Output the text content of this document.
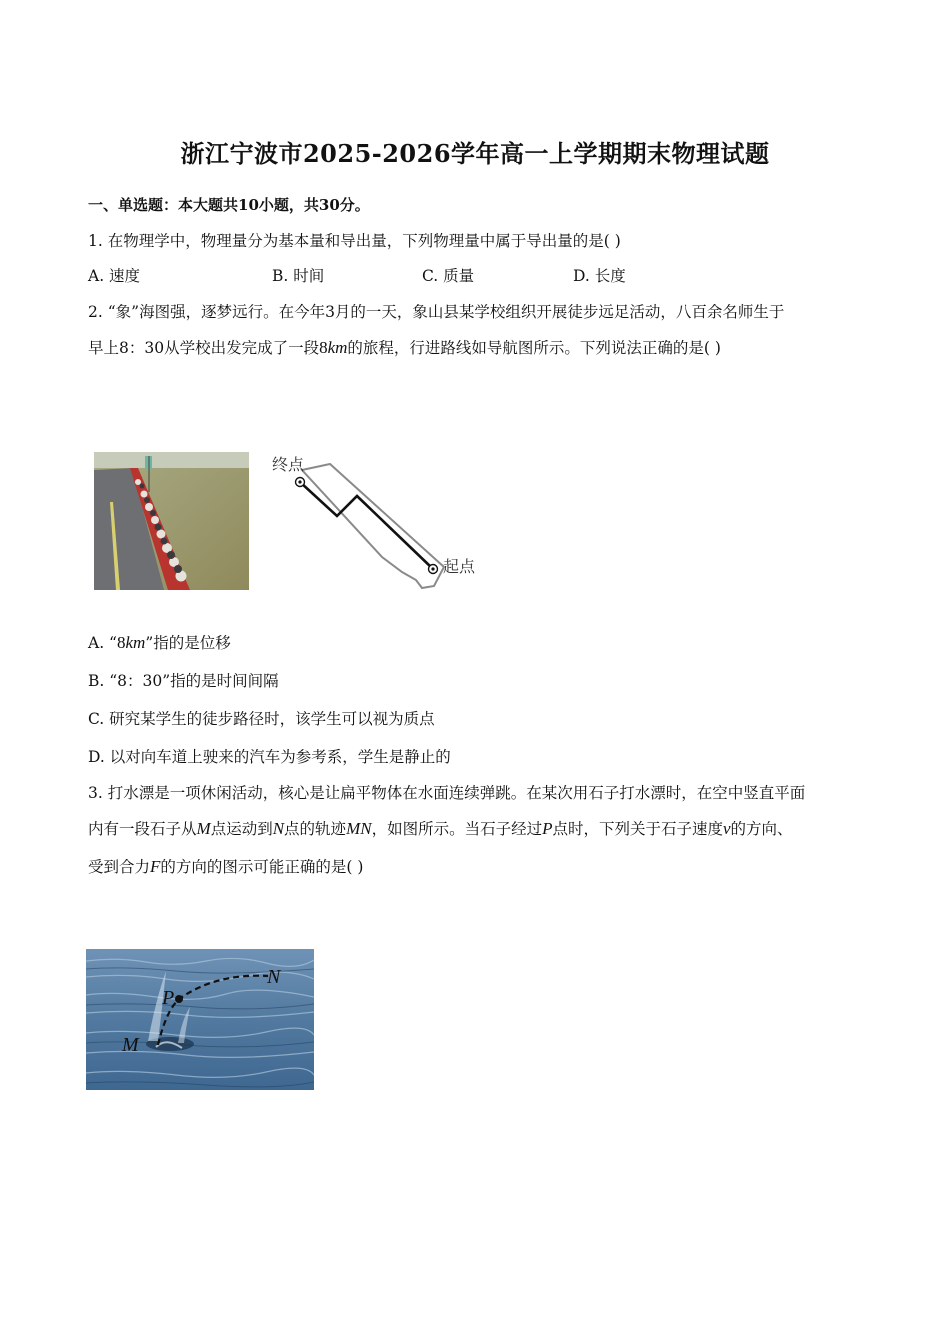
浙江宁波市2025-2026学年高一上学期期末物理试题
一、单选题：本大题共10小题，共30分。
1. 在物理学中，物理量分为基本量和导出量，下列物理量中属于导出量的是( )
A. 速度	B. 时间	C. 质量	D. 长度
2. “象”海图强，逐梦远行。在今年3月的一天，象山县某学校组织开展徒步远足活动，八百余名师生于
早上8：30从学校出发完成了一段8km的旅程，行进路线如导航图所示。下列说法正确的是( )
终点
起点
A. “8km”指的是位移
B. “8：30”指的是时间间隔
C. 研究某学生的徒步路径时，该学生可以视为质点
D. 以对向车道上驶来的汽车为参考系，学生是静止的
3. 打水漂是一项休闲活动，核心是让扁平物体在水面连续弹跳。在某次用石子打水漂时，在空中竖直平面
内有一段石子从M点运动到N点的轨迹MN，如图所示。当石子经过P点时，下列关于石子速度v的方向、
受到合力F的方向的图示可能正确的是( )
P
N
M
